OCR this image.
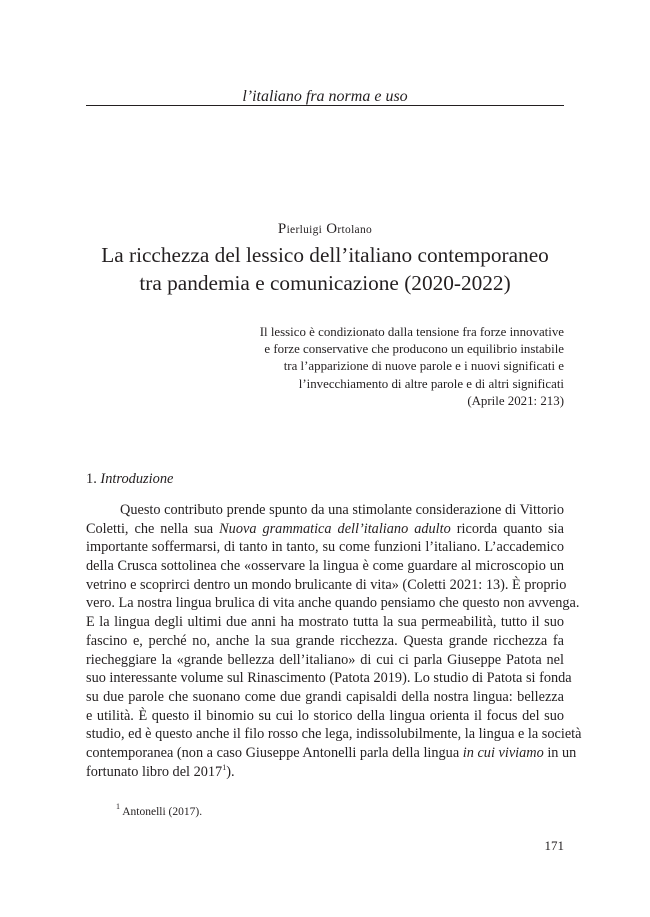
l’italiano fra norma e uso
Pierluigi Ortolano
La ricchezza del lessico dell’italiano contemporaneo
tra pandemia e comunicazione (2020-2022)
Il lessico è condizionato dalla tensione fra forze innovative
e forze conservative che producono un equilibrio instabile
tra l’apparizione di nuove parole e i nuovi significati e
l’invecchiamento di altre parole e di altri significati
(Aprile 2021: 213)
1. Introduzione
Questo contributo prende spunto da una stimolante considerazione di Vittorio
Coletti, che nella sua Nuova grammatica dell’italiano adulto ricorda quanto sia
importante soffermarsi, di tanto in tanto, su come funzioni l’italiano. L’accademico
della Crusca sottolinea che «osservare la lingua è come guardare al microscopio un
vetrino e scoprirci dentro un mondo brulicante di vita» (Coletti 2021: 13). È proprio
vero. La nostra lingua brulica di vita anche quando pensiamo che questo non avvenga.
E la lingua degli ultimi due anni ha mostrato tutta la sua permeabilità, tutto il suo
fascino e, perché no, anche la sua grande ricchezza. Questa grande ricchezza fa
riecheggiare la «grande bellezza dell’italiano» di cui ci parla Giuseppe Patota nel
suo interessante volume sul Rinascimento (Patota 2019). Lo studio di Patota si fonda
su due parole che suonano come due grandi capisaldi della nostra lingua: bellezza
e utilità. È questo il binomio su cui lo storico della lingua orienta il focus del suo
studio, ed è questo anche il filo rosso che lega, indissolubilmente, la lingua e la società
contemporanea (non a caso Giuseppe Antonelli parla della lingua in cui viviamo in un
fortunato libro del 2017$^1$).
$^1$ Antonelli (2017).
171
